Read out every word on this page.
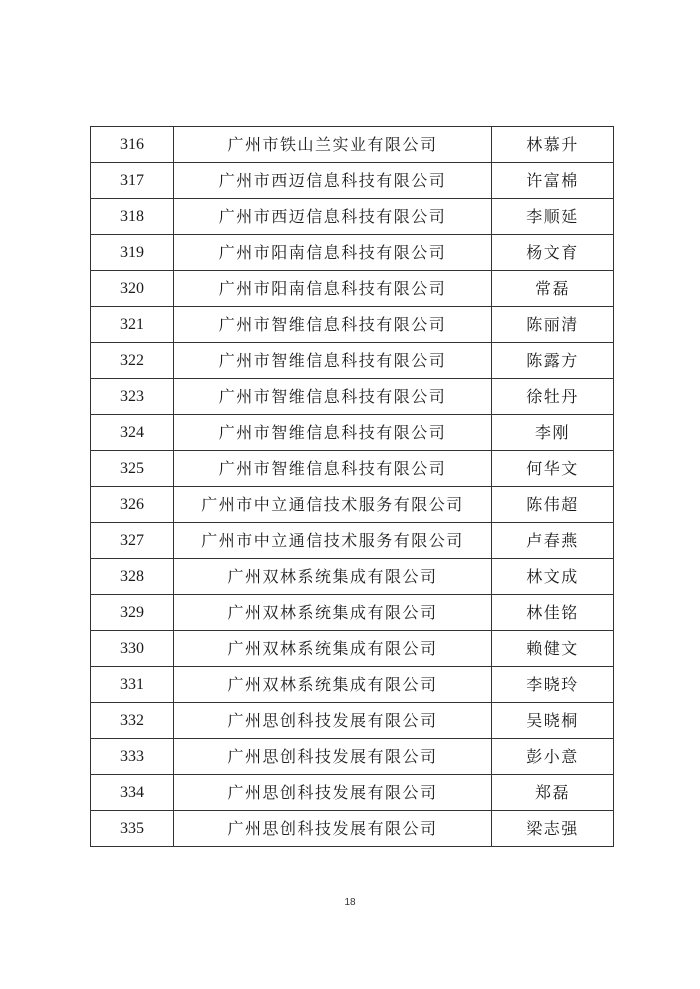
316	广州市铁山兰实业有限公司	林慕升
317	广州市西迈信息科技有限公司	许富棉
318	广州市西迈信息科技有限公司	李顺延
319	广州市阳南信息科技有限公司	杨文育
320	广州市阳南信息科技有限公司	常磊
321	广州市智维信息科技有限公司	陈丽清
322	广州市智维信息科技有限公司	陈露方
323	广州市智维信息科技有限公司	徐牡丹
324	广州市智维信息科技有限公司	李刚
325	广州市智维信息科技有限公司	何华文
326	广州市中立通信技术服务有限公司	陈伟超
327	广州市中立通信技术服务有限公司	卢春燕
328	广州双林系统集成有限公司	林文成
329	广州双林系统集成有限公司	林佳铭
330	广州双林系统集成有限公司	赖健文
331	广州双林系统集成有限公司	李晓玲
332	广州思创科技发展有限公司	吴晓桐
333	广州思创科技发展有限公司	彭小意
334	广州思创科技发展有限公司	郑磊
335	广州思创科技发展有限公司	梁志强
18
